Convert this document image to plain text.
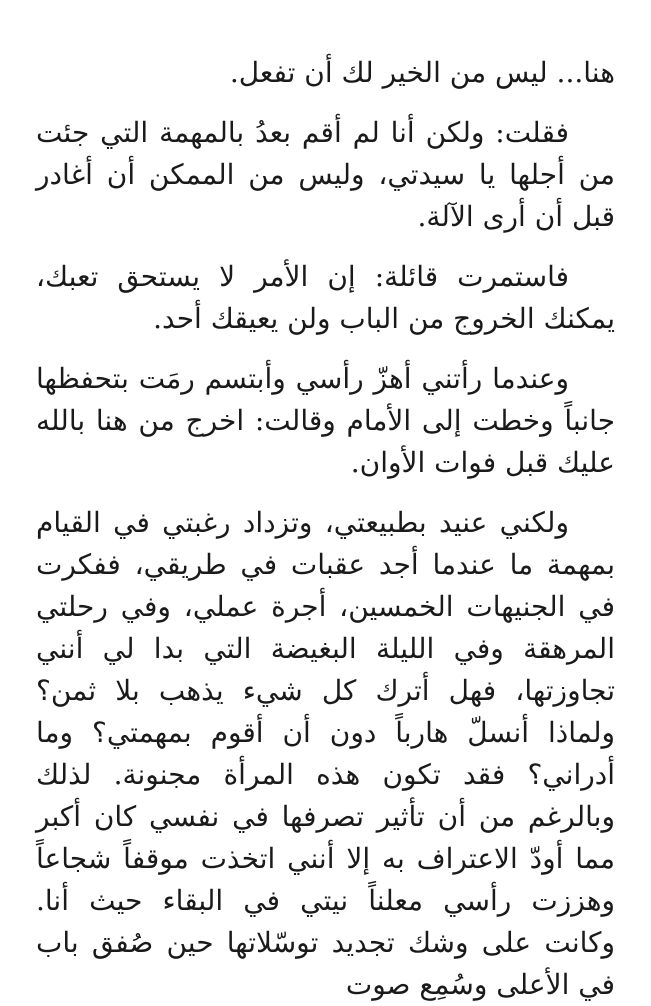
هنا... ليس من الخير لك أن تفعل.

فقلت: ولكن أنا لم أقم بعدُ بالمهمة التي جئت من أجلها يا سيدتي، وليس من الممكن أن أغادر قبل أن أرى الآلة.

فاستمرت قائلة: إن الأمر لا يستحق تعبك، يمكنك الخروج من الباب ولن يعيقك أحد.

وعندما رأتني أهزّ رأسي وأبتسم رمَت بتحفظها جانباً وخطت إلى الأمام وقالت: اخرج من هنا بالله عليك قبل فوات الأوان.

ولكني عنيد بطبيعتي، وتزداد رغبتي في القيام بمهمة ما عندما أجد عقبات في طريقي، ففكرت في الجنيهات الخمسين، أجرة عملي، وفي رحلتي المرهقة وفي الليلة البغيضة التي بدا لي أنني تجاوزتها، فهل أترك كل شيء يذهب بلا ثمن؟ ولماذا أنسلّ هارباً دون أن أقوم بمهمتي؟ وما أدراني؟ فقد تكون هذه المرأة مجنونة. لذلك وبالرغم من أن تأثير تصرفها في نفسي كان أكبر مما أودّ الاعتراف به إلا أنني اتخذت موقفاً شجاعاً وهززت رأسي معلناً نيتي في البقاء حيث أنا. وكانت على وشك تجديد توسّلاتها حين صُفق باب في الأعلى وسُمِع صوت
